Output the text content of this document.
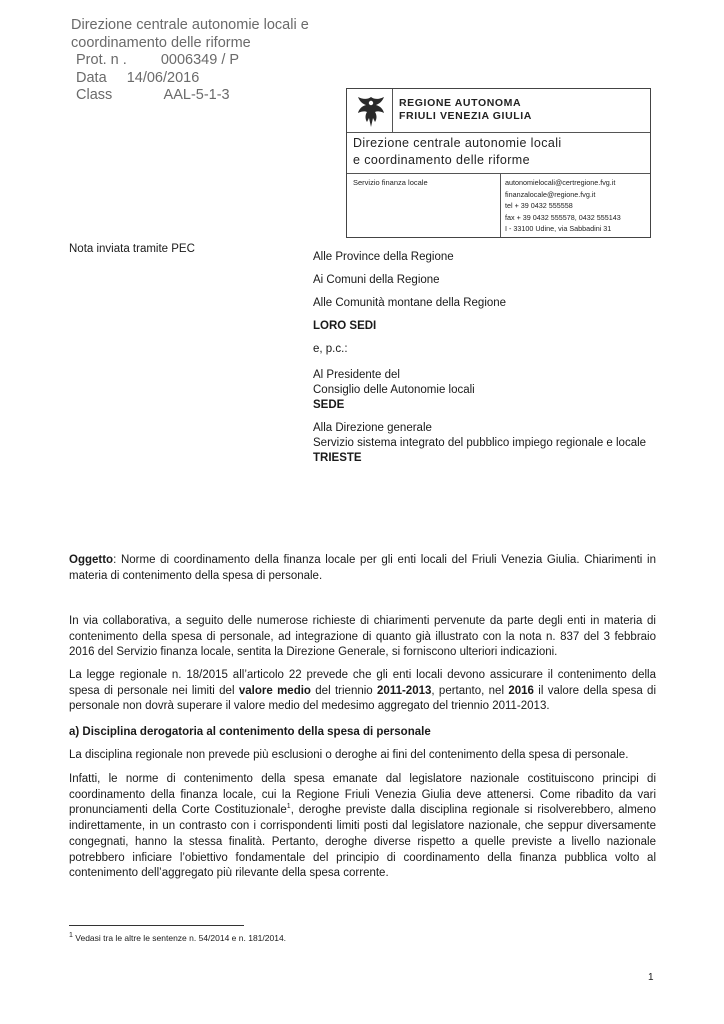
Direzione centrale autonomie locali e
coordinamento delle riforme
Prot. n . 0006349 / P
Data 14/06/2016
Class	AAL-5-1-3	REGIONE AUTONOMA
FRIULI VENEZIA GIULIA
Direzione centrale autonomie locali
e coordinamento delle riforme
Servizio finanza locale	autonomielocali@certregione.fvg.it
finanzalocale@regione.fvg.it
tel + 39 0432 555558
fax + 39 0432 555578, 0432 555143
I - 33100 Udine, via Sabbadini 31
Nota inviata tramite PEC

Alle Province della Regione

Ai Comuni della Regione

Alle Comunità montane della Regione

LORO SEDI

e, p.c.:

Al Presidente del

Consiglio delle Autonomie locali

SEDE

Alla Direzione generale

Servizio sistema integrato del pubblico impiego regionale e locale

TRIESTE

Oggetto: Norme di coordinamento della finanza locale per gli enti locali del Friuli Venezia Giulia. Chiarimenti in materia di contenimento della spesa di personale.

In via collaborativa, a seguito delle numerose richieste di chiarimenti pervenute da parte degli enti in materia di contenimento della spesa di personale, ad integrazione di quanto già illustrato con la nota n. 837 del 3 febbraio 2016 del Servizio finanza locale, sentita la Direzione Generale, si forniscono ulteriori indicazioni.

La legge regionale n. 18/2015 all’articolo 22 prevede che gli enti locali devono assicurare il contenimento della spesa di personale nei limiti del valore medio del triennio 2011-2013, pertanto, nel 2016 il valore della spesa di personale non dovrà superare il valore medio del medesimo aggregato del triennio 2011-2013.

a) Disciplina derogatoria al contenimento della spesa di personale

La disciplina regionale non prevede più esclusioni o deroghe ai fini del contenimento della spesa di personale.

Infatti, le norme di contenimento della spesa emanate dal legislatore nazionale costituiscono principi di coordinamento della finanza locale, cui la Regione Friuli Venezia Giulia deve attenersi. Come ribadito da vari pronunciamenti della Corte Costituzionale$^1$, deroghe previste dalla disciplina regionale si risolverebbero, almeno indirettamente, in un contrasto con i corrispondenti limiti posti dal legislatore nazionale, che seppur diversamente congegnati, hanno la stessa finalità. Pertanto, deroghe diverse rispetto a quelle previste a livello nazionale potrebbero inficiare l’obiettivo fondamentale del principio di coordinamento della finanza pubblica volto al contenimento dell’aggregato più rilevante della spesa corrente.

$^1$ Vedasi tra le altre le sentenze n. 54/2014 e n. 181/2014.
1
